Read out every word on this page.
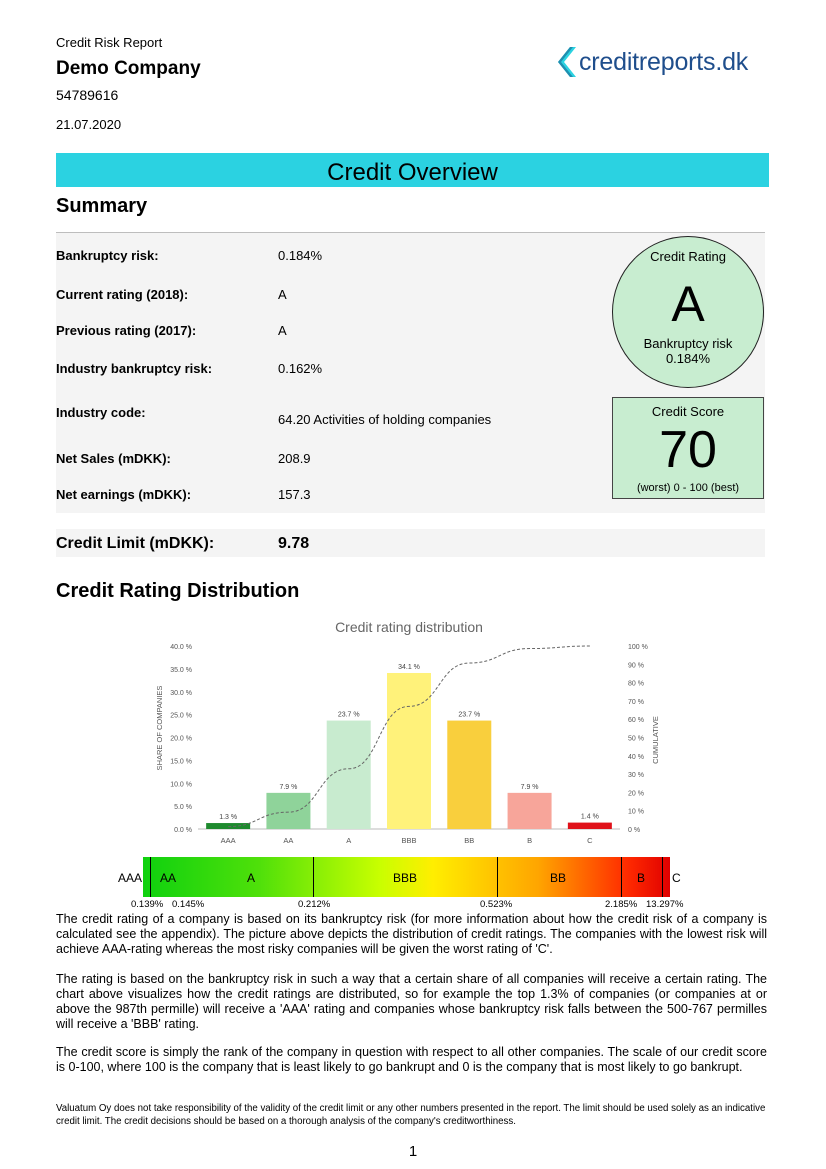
Credit Risk Report
Demo Company
54789616
21.07.2020
creditreports.dk
Credit Overview
Summary
Bankruptcy risk:	0.184%
Current rating (2018):	A
Previous rating (2017):	A
Industry bankruptcy risk:	0.162%
Industry code:	64.20 Activities of holding companies
Net Sales (mDKK):	208.9
Net earnings (mDKK):	157.3
Credit Rating
A
Bankruptcy risk
0.184%
Credit Score
70
(worst) 0 - 100 (best)
Credit Limit (mDKK):	9.78
Credit Rating Distribution
Credit rating distribution
0.0 %
5.0 %
10.0 %
15.0 %
20.0 %
25.0 %
30.0 %
35.0 %
40.0 %
0 %
10 %
20 %
30 %
40 %
50 %
60 %
70 %
80 %
90 %
100 %
1.3 %
AAA
7.9 %
AA
23.7 %
A
34.1 %
BBB
23.7 %
BB
7.9 %
B
1.4 %
C
SHARE OF COMPANIES	CUMULATIVE
AAA	C
AA	A	BBB	BB	B
0.139% 0.145%	0.212%	0.523%	2.185% 13.297%
The credit rating of a company is based on its bankruptcy risk (for more information about how the credit risk of a company is calculated see the appendix). The picture above depicts the distribution of credit ratings. The companies with the lowest risk will achieve AAA-rating whereas the most risky companies will be given the worst rating of 'C'.
The rating is based on the bankruptcy risk in such a way that a certain share of all companies will receive a certain rating. The chart above visualizes how the credit ratings are distributed, so for example the top 1.3% of companies (or companies at or above the 987th permille) will receive a 'AAA' rating and companies whose bankruptcy risk falls between the 500-767 permilles will receive a 'BBB' rating.
The credit score is simply the rank of the company in question with respect to all other companies. The scale of our credit score is 0-100, where 100 is the company that is least likely to go bankrupt and 0 is the company that is most likely to go bankrupt.
Valuatum Oy does not take responsibility of the validity of the credit limit or any other numbers presented in the report. The limit should be used solely as an indicative credit limit. The credit decisions should be based on a thorough analysis of the company's creditworthiness.
1
